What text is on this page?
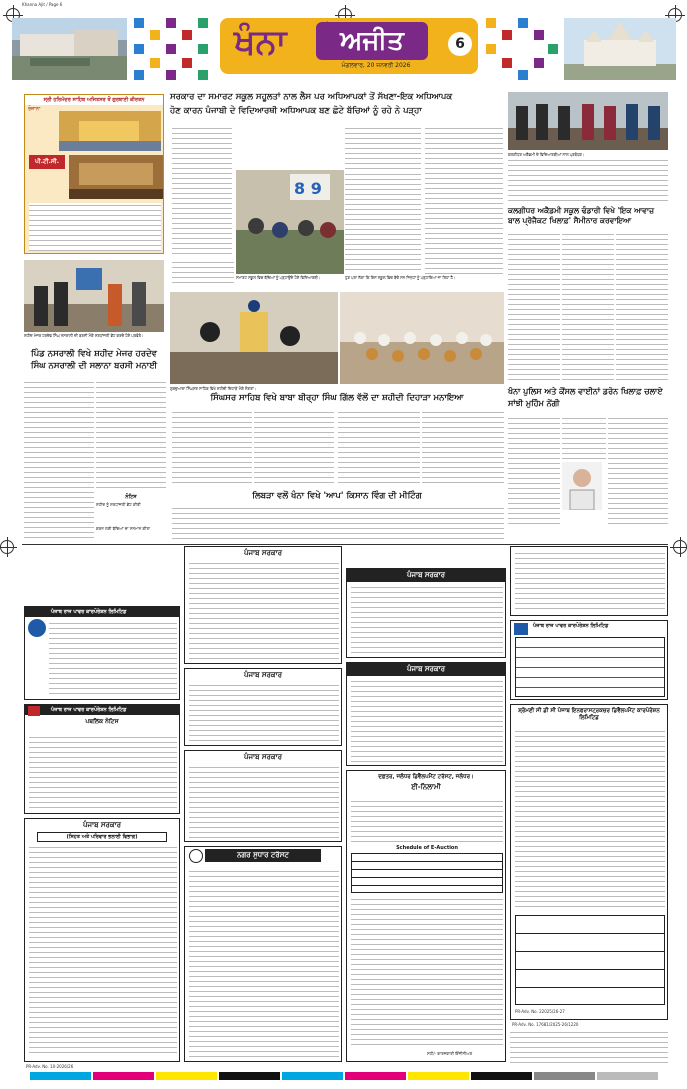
Khanna Ajit / Page 6
ਖੰਨਾ	ਅਜੀਤ
ਮੰਗਲਵਾਰ, 20 ਜਨਵਰੀ 2026
6
ਸ੍ਰੀ ਹਰਿਮੰਦਰ ਸਾਹਿਬ ਅਜਿਤਸਰ ਤੋਂ ਗੁਰਬਾਣੀ ਕੀਰਤਨ
ਰੋਜ਼ਾਨਾ
ਪੀ.ਟੀ.ਸੀ.
ਸਰਕਾਰ ਦਾ ਸਮਾਰਟ ਸਕੂਲ ਸਹੂਲਤਾਂ ਨਾਲ ਲੈਸ ਪਰ ਅਧਿਆਪਕਾਂ ਤੋਂ ਸੱਖਣਾ-ਇਕ ਅਧਿਆਪਕ
ਹੋਣ ਕਾਰਨ ਪੰਜਾਬੀ ਦੇ ਵਿਦਿਆਰਥੀ ਅਧਿਆਪਕ ਬਣ ਛੋਟੇ ਬੱਚਿਆਂ ਨੂੰ ਰਹੇ ਨੇ ਪੜ੍ਹਾ
8 9
ਸਮਾਰਟ ਸਕੂਲ ਵਿਚ ਬੱਚਿਆਂ ਨੂੰ ਪੜ੍ਹਾਉਂਦੇ ਹੋਏ ਵਿਦਿਆਰਥੀ।	ਹੁਣ ਪਤਾ ਲੱਗਾ ਕਿ ਇਸ ਸਕੂਲ ਵਿਚ ਬੱਚੇ ਸਨ ਜਿਨ੍ਹਾਂ ਨੂੰ ਪੜ੍ਹਾਇਆ ਜਾ ਰਿਹਾ ਹੈ।
ਕਲਗੀਧਰ ਅਕੈਡਮੀ ਦੇ ਵਿਦਿਆਰਥੀਆਂ ਨਾਲ ਪ੍ਰਬੰਧਕ।
ਕਲਗੀਧਰ ਅਕੈਡਮੀ ਸਕੂਲ ਢੰਡਾਰੀ ਵਿਖੇ 'ਇਕ ਆਵਾਜ਼ ਬਾਲ ਪ੍ਰੋਜੈਕਟ ਖਿਲਾਫ਼' ਸੈਮੀਨਾਰ ਕਰਵਾਇਆ
ਖੰਨਾ ਪੁਲਿਸ ਅਤੇ ਕੌਂਸਲ ਵਾਈਨਾਂ ਡਰੋਨ ਖਿਲਾਫ਼ ਚਲਾਏ ਸਾਂਝੀ ਮੁਹਿੰਮ ਨੇਂਗੀ
ਸ਼ਹੀਦ ਮੇਜਰ ਹਰਦੇਵ ਸਿੰਘ ਨਸਰਾਲੀ ਦੀ ਬਰਸੀ ਮੌਕੇ ਸ਼ਰਧਾਂਜਲੀ ਭੇਂਟ ਕਰਦੇ ਹੋਏ ਪਤਵੰਤੇ।
ਪਿੰਡ ਨਸਰਾਲੀ ਵਿਖੇ ਸ਼ਹੀਦ ਮੇਜਰ ਹਰਦੇਵ ਸਿੰਘ ਨਸਰਾਲੀ ਦੀ ਸਲਾਨਾ ਬਰਸੀ ਮਨਾਈ
ਨੋਟਿਸ
ਸ਼ਹੀਦ ਨੂੰ ਸ਼ਰਧਾਂਜਲੀ ਭੇਂਟ ਕੀਤੀ
ਕਰਨ ਲਈ ਬੱਚਿਆਂ ਦਾ ਸਨਮਾਨ ਕੀਤਾ
ਗੁਰਦੁਆਰਾ ਸਿੰਘਸਰ ਸਾਹਿਬ ਵਿਖੇ ਸ਼ਹੀਦੀ ਦਿਹਾੜੇ ਮੌਕੇ ਸੰਗਤਾਂ।
ਸਿੰਘਸਰ ਸਾਹਿਬ ਵਿਖੇ ਬਾਬਾ ਬੀਰ੍ਹਾ ਸਿੰਘ ਗਿੱਲ ਵੱਲੋਂ ਦਾ ਸ਼ਹੀਦੀ ਦਿਹਾੜਾ ਮਨਾਇਆ
ਲਿਬੜਾ ਵਲੋਂ ਖੰਨਾ ਵਿਖੇ 'ਆਪ' ਕਿਸਾਨ ਵਿੰਗ ਦੀ ਮੀਟਿੰਗ
ਪੰਜਾਬ ਰਾਜ ਪਾਵਰ ਕਾਰਪੋਰੇਸ਼ਨ ਲਿਮਿਟਿਡ
ਪੰਜਾਬ ਰਾਜ ਪਾਵਰ ਕਾਰਪੋਰੇਸ਼ਨ ਲਿਮਿਟਿਡ
ਪਬਲਿਕ ਨੋਟਿਸ
ਪੰਜਾਬ ਸਰਕਾਰ
(ਸਿਹਤ ਅਤੇ ਪਰਿਵਾਰ ਭਲਾਈ ਵਿਭਾਗ)
PR-Adv. No. 10-2026/26
ਪੰਜਾਬ ਸਰਕਾਰ
ਪੰਜਾਬ ਸਰਕਾਰ
ਪੰਜਾਬ ਸਰਕਾਰ
ਨਗਰ ਸੁਧਾਰ ਟਰੱਸਟ
ਪੰਜਾਬ ਸਰਕਾਰ
ਪੰਜਾਬ ਸਰਕਾਰ
ਦਫ਼ਤਰ, ਜਲੰਧਰ ਡਿਵੈਲਪਮੈਂਟ ਟਰੱਸਟ, ਜਲੰਧਰ।
ਈ-ਨਿਲਾਮੀ
Schedule of E-Auction
ਸਹੀ/- ਕਾਰਜਕਾਰੀ ਇੰਜੀਨੀਅਰ
ਪੰਜਾਬ ਰਾਜ ਪਾਵਰ ਕਾਰਪੋਰੇਸ਼ਨ ਲਿਮਿਟਿਡ
ਸ਼੍ਰੋਮਣੀ ਸੀ ਡੀ ਸੀ ਪੰਜਾਬ ਇਨਫਰਾਸਟ੍ਰਕਚਰ ਡਿਵੈਲਪਮੈਂਟ ਕਾਰਪੋਰੇਸ਼ਨ ਲਿਮਿਟਿਡ
PR-Adv. No. 22025/26-27
PR-Adv. No. 17681/2025-26/1220
